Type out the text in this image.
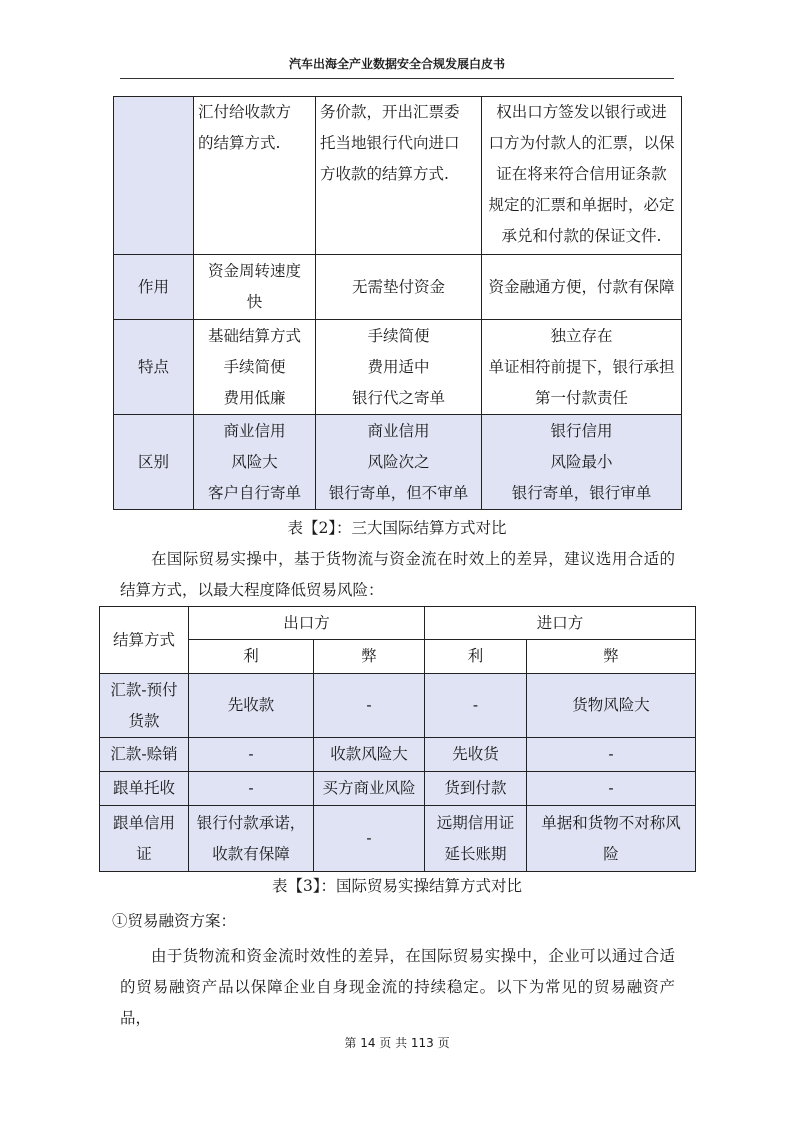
汽车出海全产业数据安全合规发展白皮书

	汇付给收款方
的结算方式.	务价款，开出汇票委
托当地银行代向进口
方收款的结算方式.	权出口方签发以银行或进
口方为付款人的汇票，以保
证在将来符合信用证条款
规定的汇票和单据时，必定
承兑和付款的保证文件.

作用	资金周转速度
快	无需垫付资金	资金融通方便，付款有保障

特点	基础结算方式
手续简便
费用低廉	手续简便
费用适中
银行代之寄单	独立存在
单证相符前提下，银行承担
第一付款责任

区别	商业信用
风险大
客户自行寄单	商业信用
风险次之
银行寄单，但不审单	银行信用
风险最小
银行寄单，银行审单
表【2】：三大国际结算方式对比
在国际贸易实操中，基于货物流与资金流在时效上的差异，建议选用合适的结算方式，以最大程度降低贸易风险：
结算方式	出口方		进口方	
	利	弊	利	弊

汇款-预付
货款	先收款	-	-	货物风险大

汇款-赊销	-	收款风险大	先收货	-

跟单托收	-	买方商业风险	货到付款	-

跟单信用
证	银行付款承诺，
收款有保障	-	远期信用证
延长账期	单据和货物不对称风
险
表【3】：国际贸易实操结算方式对比
①贸易融资方案：
由于货物流和资金流时效性的差异，在国际贸易实操中，企业可以通过合适的贸易融资产品以保障企业自身现金流的持续稳定。以下为常见的贸易融资产品，
第 14 页 共 113 页
